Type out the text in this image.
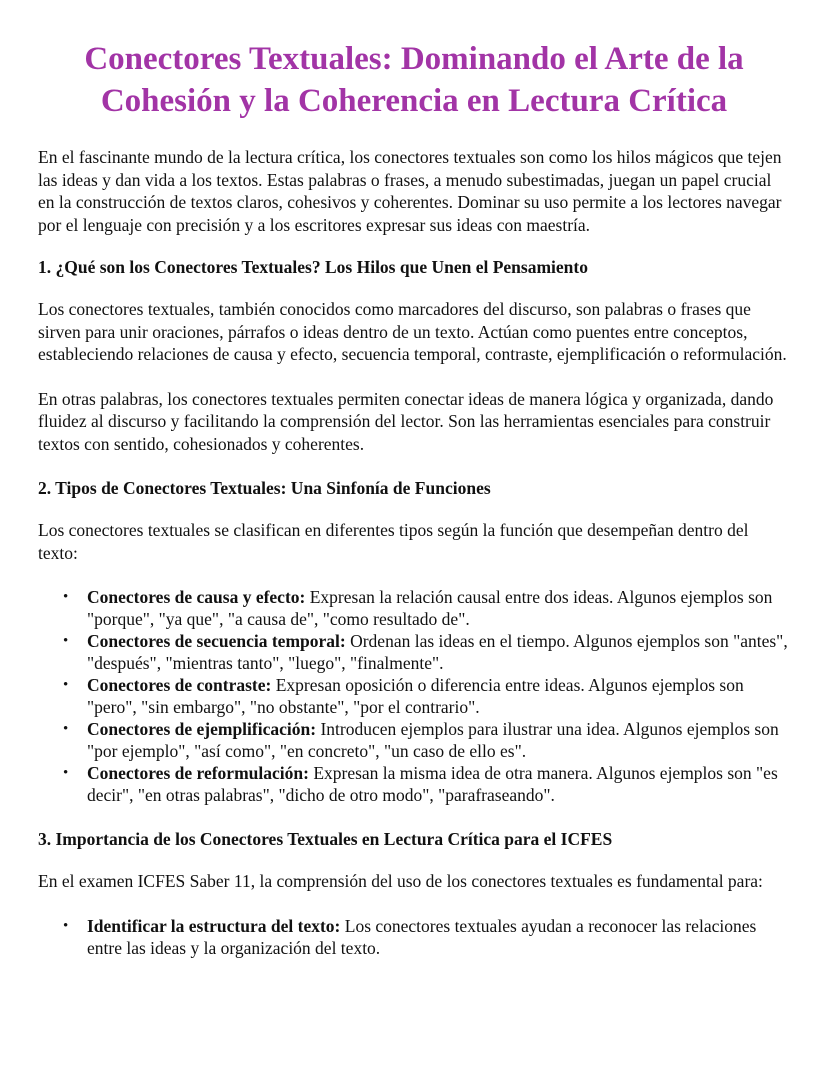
Conectores Textuales: Dominando el Arte de la Cohesión y la Coherencia en Lectura Crítica

En el fascinante mundo de la lectura crítica, los conectores textuales son como los hilos mágicos que tejen las ideas y dan vida a los textos. Estas palabras o frases, a menudo subestimadas, juegan un papel crucial en la construcción de textos claros, cohesivos y coherentes. Dominar su uso permite a los lectores navegar por el lenguaje con precisión y a los escritores expresar sus ideas con maestría.

1. ¿Qué son los Conectores Textuales? Los Hilos que Unen el Pensamiento

Los conectores textuales, también conocidos como marcadores del discurso, son palabras o frases que sirven para unir oraciones, párrafos o ideas dentro de un texto. Actúan como puentes entre conceptos, estableciendo relaciones de causa y efecto, secuencia temporal, contraste, ejemplificación o reformulación.

En otras palabras, los conectores textuales permiten conectar ideas de manera lógica y organizada, dando fluidez al discurso y facilitando la comprensión del lector. Son las herramientas esenciales para construir textos con sentido, cohesionados y coherentes.

2. Tipos de Conectores Textuales: Una Sinfonía de Funciones

Los conectores textuales se clasifican en diferentes tipos según la función que desempeñan dentro del texto:

• Conectores de causa y efecto: Expresan la relación causal entre dos ideas. Algunos ejemplos son "porque", "ya que", "a causa de", "como resultado de".
• Conectores de secuencia temporal: Ordenan las ideas en el tiempo. Algunos ejemplos son "antes", "después", "mientras tanto", "luego", "finalmente".
• Conectores de contraste: Expresan oposición o diferencia entre ideas. Algunos ejemplos son "pero", "sin embargo", "no obstante", "por el contrario".
• Conectores de ejemplificación: Introducen ejemplos para ilustrar una idea. Algunos ejemplos son "por ejemplo", "así como", "en concreto", "un caso de ello es".
• Conectores de reformulación: Expresan la misma idea de otra manera. Algunos ejemplos son "es decir", "en otras palabras", "dicho de otro modo", "parafraseando".
3. Importancia de los Conectores Textuales en Lectura Crítica para el ICFES

En el examen ICFES Saber 11, la comprensión del uso de los conectores textuales es fundamental para:

• Identificar la estructura del texto: Los conectores textuales ayudan a reconocer las relaciones entre las ideas y la organización del texto.
